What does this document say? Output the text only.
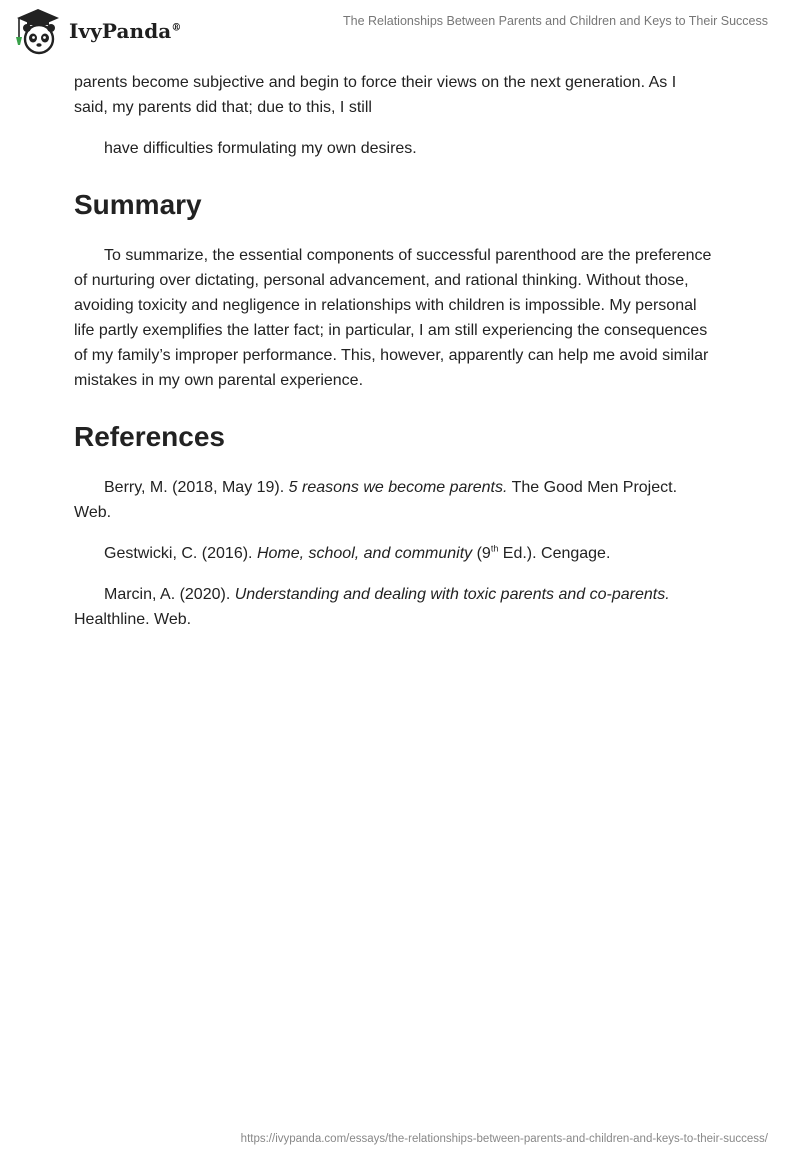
IvyPanda®	The Relationships Between Parents and Children and Keys to Their Success

parents become subjective and begin to force their views on the next generation. As I said, my parents did that; due to this, I still

have difficulties formulating my own desires.

Summary

To summarize, the essential components of successful parenthood are the preference of nurturing over dictating, personal advancement, and rational thinking. Without those, avoiding toxicity and negligence in relationships with children is impossible. My personal life partly exemplifies the latter fact; in particular, I am still experiencing the consequences of my family’s improper performance. This, however, apparently can help me avoid similar mistakes in my own parental experience.

References

Berry, M. (2018, May 19). 5 reasons we become parents. The Good Men Project. Web.

Gestwicki, C. (2016). Home, school, and community (9th Ed.). Cengage.

Marcin, A. (2020). Understanding and dealing with toxic parents and co-parents. Healthline. Web.

https://ivypanda.com/essays/the-relationships-between-parents-and-children-and-keys-to-their-success/
